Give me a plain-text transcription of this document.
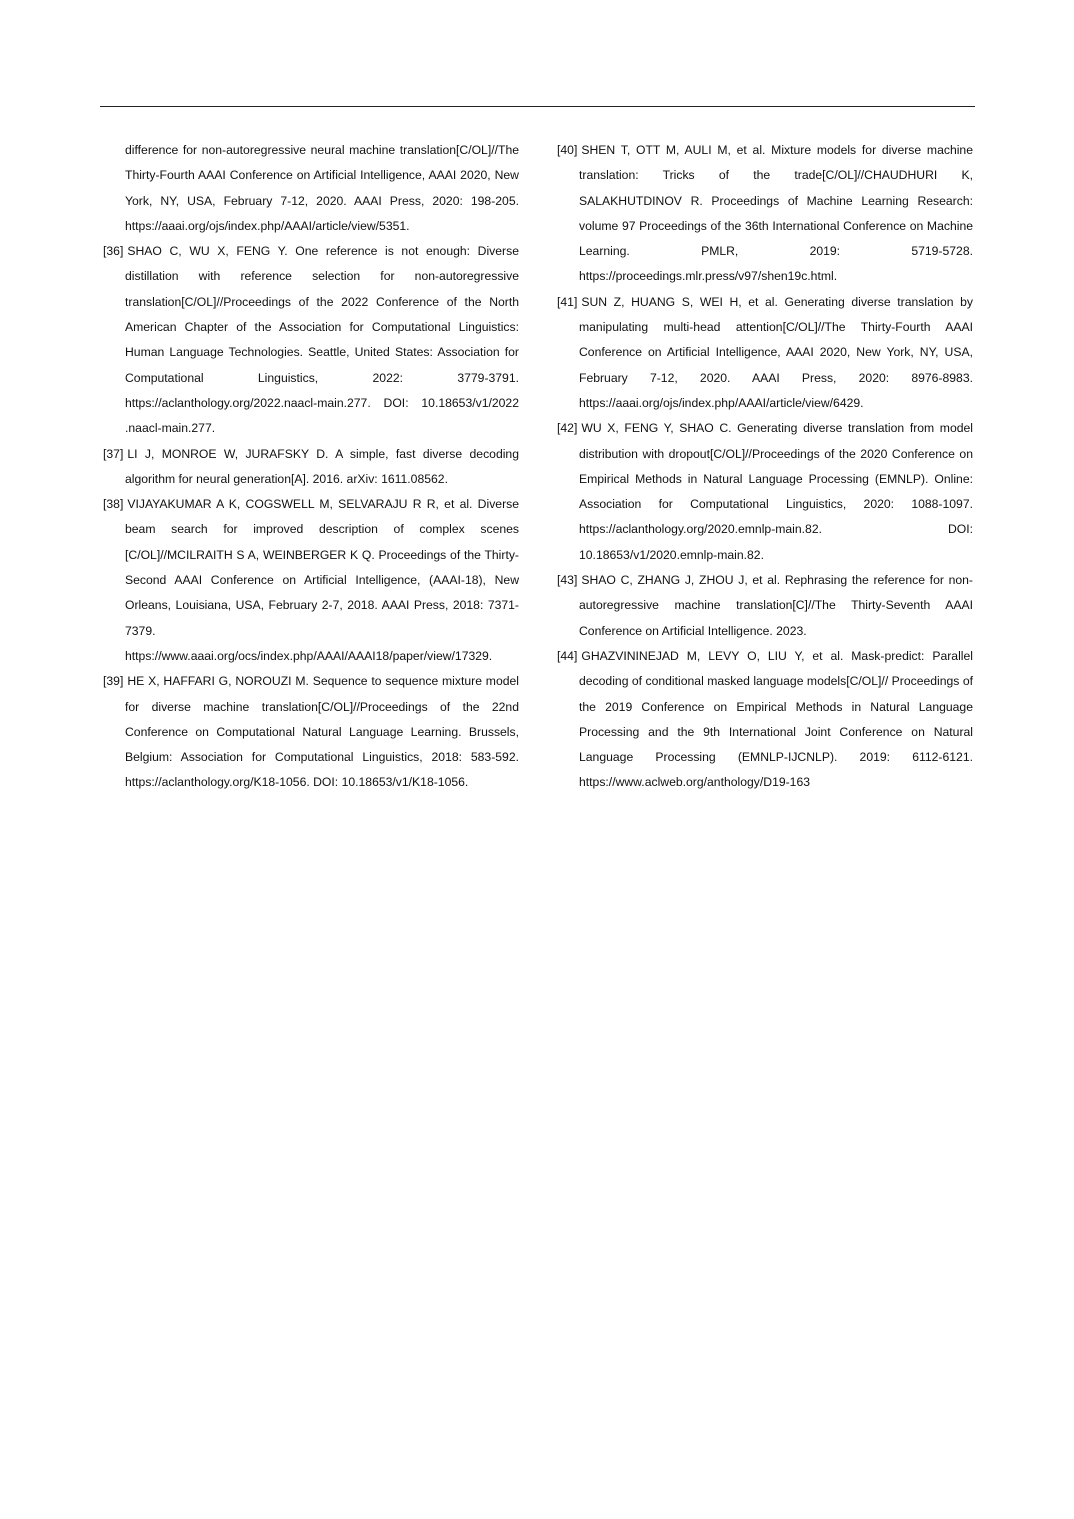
difference for non-autoregressive neural machine translation[C/OL]//The Thirty-Fourth AAAI Conference on Artificial Intelligence, AAAI 2020, New York, NY, USA, February 7-12, 2020. AAAI Press, 2020: 198-205. https://aaai.org/ojs/index.php/AAAI/article/view/5351.

[36] SHAO C, WU X, FENG Y. One reference is not enough: Diverse distillation with reference selection for non-autoregressive translation[C/OL]//Proceedings of the 2022 Conference of the North American Chapter of the Association for Computational Linguistics: Human Language Technologies. Seattle, United States: Association for Computational Linguistics, 2022: 3779-3791. https://aclanthology.org/2022.naacl-main.277. DOI: 10.18653/v1/2022 .naacl-main.277.

[37] LI J, MONROE W, JURAFSKY D. A simple, fast diverse decoding algorithm for neural generation[A]. 2016. arXiv: 1611.08562.

[38] VIJAYAKUMAR A K, COGSWELL M, SELVARAJU R R, et al. Diverse beam search for improved description of complex scenes [C/OL]//MCILRAITH S A, WEINBERGER K Q. Proceedings of the Thirty-Second AAAI Conference on Artificial Intelligence, (AAAI-18), New Orleans, Louisiana, USA, February 2-7, 2018. AAAI Press, 2018: 7371-7379. https://www.aaai.org/ocs/index.php/AAAI/AAAI18/paper/view/17329.

[39] HE X, HAFFARI G, NOROUZI M. Sequence to sequence mixture model for diverse machine translation[C/OL]//Proceedings of the 22nd Conference on Computational Natural Language Learning. Brussels, Belgium: Association for Computational Linguistics, 2018: 583-592. https://aclanthology.org/K18-1056. DOI: 10.18653/v1/K18-1056.

[40] SHEN T, OTT M, AULI M, et al. Mixture models for diverse machine translation: Tricks of the trade[C/OL]//CHAUDHURI K, SALAKHUTDINOV R. Proceedings of Machine Learning Research: volume 97 Proceedings of the 36th International Conference on Machine Learning. PMLR, 2019: 5719-5728. https://proceedings.mlr.press/v97/shen19c.html.

[41] SUN Z, HUANG S, WEI H, et al. Generating diverse translation by manipulating multi-head attention[C/OL]//The Thirty-Fourth AAAI Conference on Artificial Intelligence, AAAI 2020, New York, NY, USA, February 7-12, 2020. AAAI Press, 2020: 8976-8983. https://aaai.org/ojs/index.php/AAAI/article/view/6429.

[42] WU X, FENG Y, SHAO C. Generating diverse translation from model distribution with dropout[C/OL]//Proceedings of the 2020 Conference on Empirical Methods in Natural Language Processing (EMNLP). Online: Association for Computational Linguistics, 2020: 1088-1097. https://aclanthology.org/2020.emnlp-main.82. DOI: 10.18653/v1/2020.emnlp-main.82.

[43] SHAO C, ZHANG J, ZHOU J, et al. Rephrasing the reference for non-autoregressive machine translation[C]//The Thirty-Seventh AAAI Conference on Artificial Intelligence. 2023.

[44] GHAZVININEJAD M, LEVY O, LIU Y, et al. Mask-predict: Parallel decoding of conditional masked language models[C/OL]// Proceedings of the 2019 Conference on Empirical Methods in Natural Language Processing and the 9th International Joint Conference on Natural Language Processing (EMNLP-IJCNLP). 2019: 6112-6121. https://www.aclweb.org/anthology/D19-163
